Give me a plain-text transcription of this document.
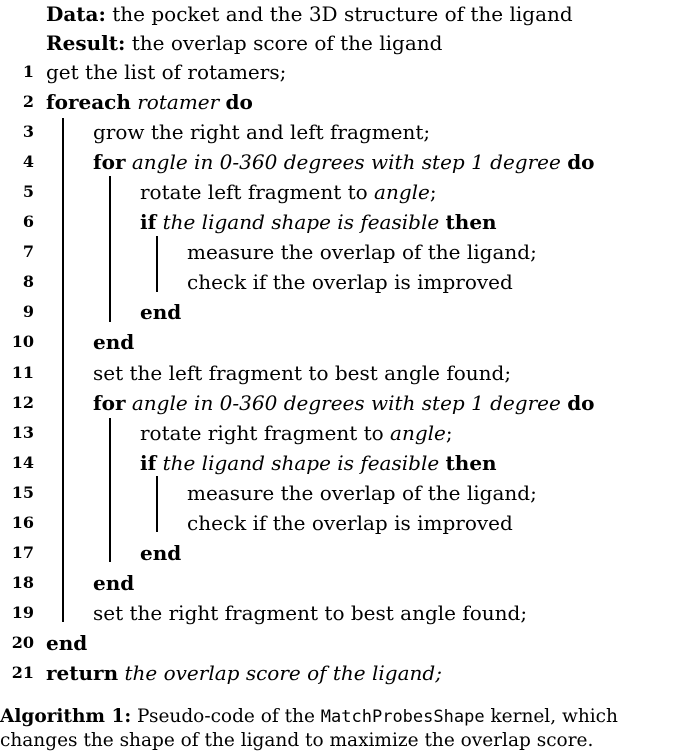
Data: the pocket and the 3D structure of the ligand
Result: the overlap score of the ligand
1 get the list of rotamers;
2 foreach rotamer do
3	grow the right and left fragment;
4	for angle in 0-360 degrees with step 1 degree do
5	rotate left fragment to angle;
6	if the ligand shape is feasible then
7	measure the overlap of the ligand;
8	check if the overlap is improved
9	end
10	end
11	set the left fragment to best angle found;
12	for angle in 0-360 degrees with step 1 degree do
13	rotate right fragment to angle;
14	if the ligand shape is feasible then
15	measure the overlap of the ligand;
16	check if the overlap is improved
17	end
18	end
19	set the right fragment to best angle found;
20 end
21 return the overlap score of the ligand;
Algorithm 1: Pseudo-code of the MatchProbesShape kernel, which changes the shape of the ligand to maximize the overlap score.
